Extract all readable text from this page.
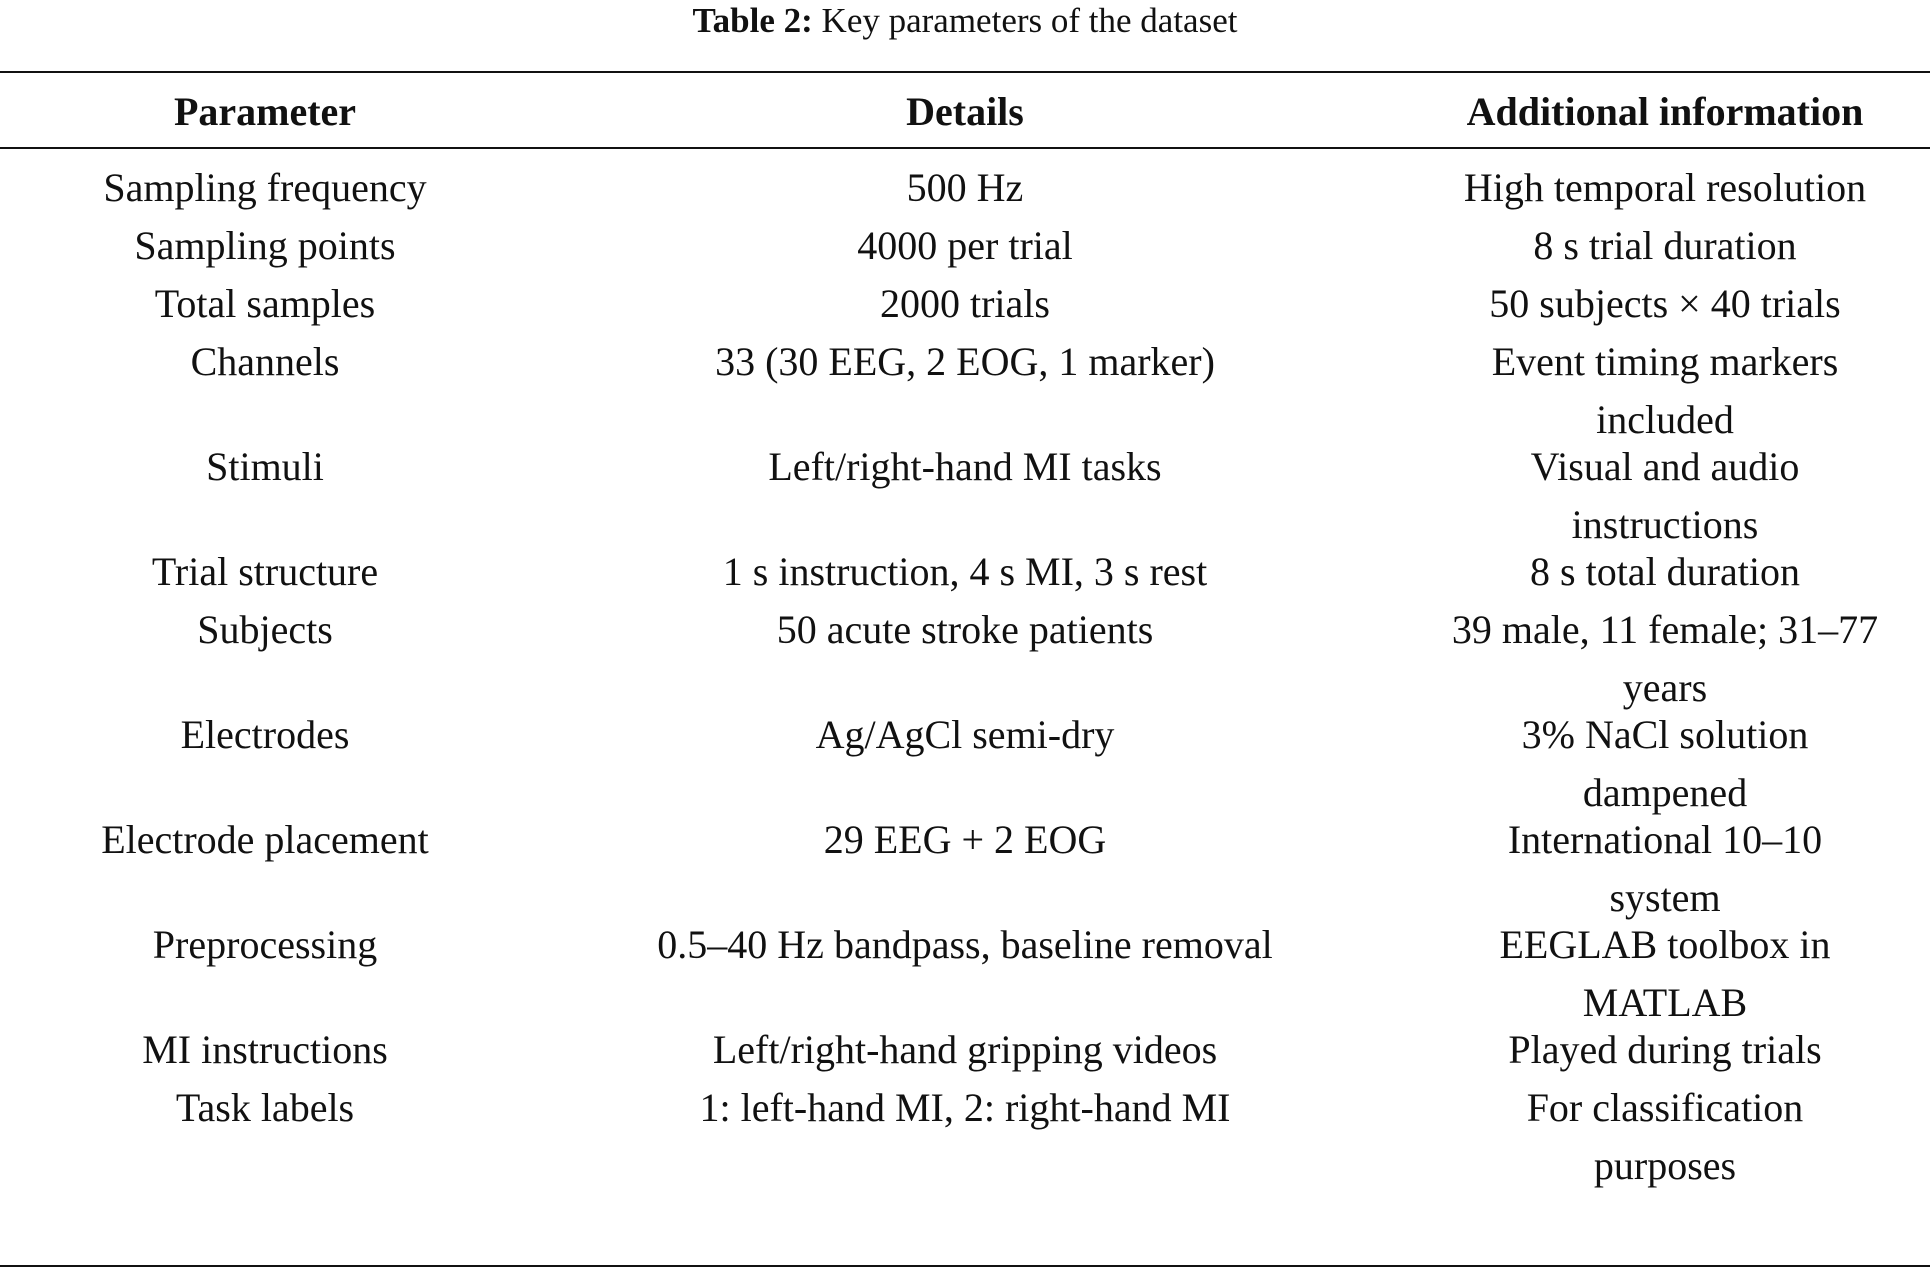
Table 2: Key parameters of the dataset
Parameter	Details	Additional information
Sampling frequency	500 Hz	High temporal resolution
Sampling points	4000 per trial	8 s trial duration
Total samples	2000 trials	50 subjects × 40 trials
Channels	33 (30 EEG, 2 EOG, 1 marker)	Event timing markers
included
Stimuli	Left/right-hand MI tasks	Visual and audio
instructions
Trial structure	1 s instruction, 4 s MI, 3 s rest	8 s total duration
Subjects	50 acute stroke patients	39 male, 11 female; 31–77
years
Electrodes	Ag/AgCl semi-dry	3% NaCl solution
dampened
Electrode placement	29 EEG + 2 EOG	International 10–10
system
Preprocessing	0.5–40 Hz bandpass, baseline removal	EEGLAB toolbox in
MATLAB
MI instructions	Left/right-hand gripping videos	Played during trials
Task labels	1: left-hand MI, 2: right-hand MI	For classification
purposes
